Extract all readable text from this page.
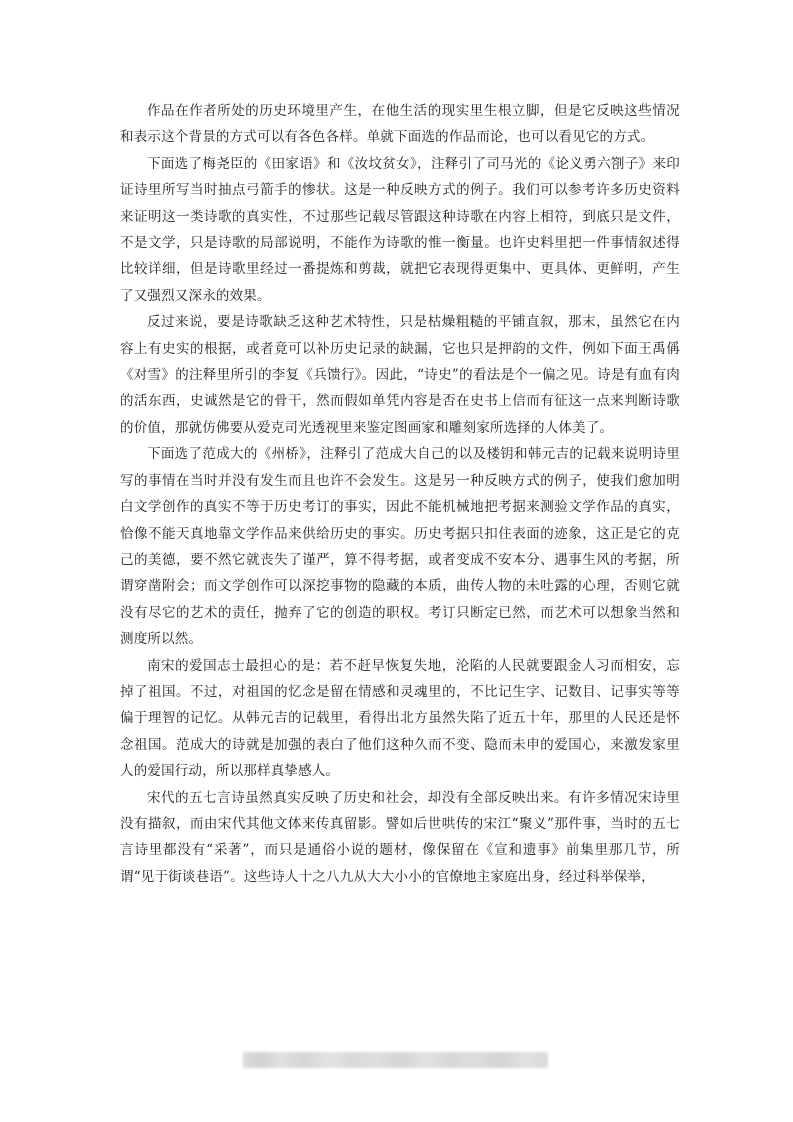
作品在作者所处的历史环境里产生，在他生活的现实里生根立脚，但是它反映这些情况和表示这个背景的方式可以有各色各样。单就下面选的作品而论，也可以看见它的方式。

下面选了梅尧臣的《田家语》和《汝坟贫女》，注释引了司马光的《论义勇六劄子》来印证诗里所写当时抽点弓箭手的惨状。这是一种反映方式的例子。我们可以参考许多历史资料来证明这一类诗歌的真实性，不过那些记载尽管跟这种诗歌在内容上相符，到底只是文件，不是文学，只是诗歌的局部说明，不能作为诗歌的惟一衡量。也许史料里把一件事情叙述得比较详细，但是诗歌里经过一番提炼和剪裁，就把它表现得更集中、更具体、更鲜明，产生了又强烈又深永的效果。

反过来说，要是诗歌缺乏这种艺术特性，只是枯燥粗糙的平铺直叙，那末，虽然它在内容上有史实的根据，或者竟可以补历史记录的缺漏，它也只是押韵的文件，例如下面王禹偁《对雪》的注释里所引的李复《兵馈行》。因此，“诗史”的看法是个一偏之见。诗是有血有肉的活东西，史诚然是它的骨干，然而假如单凭内容是否在史书上信而有征这一点来判断诗歌的价值，那就仿佛要从爱克司光透视里来鉴定图画家和雕刻家所选择的人体美了。

下面选了范成大的《州桥》，注释引了范成大自己的以及楼钥和韩元吉的记载来说明诗里写的事情在当时并没有发生而且也许不会发生。这是另一种反映方式的例子，使我们愈加明白文学创作的真实不等于历史考订的事实，因此不能机械地把考据来测验文学作品的真实，恰像不能天真地靠文学作品来供给历史的事实。历史考据只扣住表面的迹象，这正是它的克己的美德，要不然它就丧失了谨严，算不得考据，或者变成不安本分、遇事生风的考据，所谓穿凿附会；而文学创作可以深挖事物的隐藏的本质，曲传人物的未吐露的心理，否则它就没有尽它的艺术的责任，抛弃了它的创造的职权。考订只断定已然，而艺术可以想象当然和测度所以然。

南宋的爱国志士最担心的是：若不赶早恢复失地，沦陷的人民就要跟金人习而相安，忘掉了祖国。不过，对祖国的忆念是留在情感和灵魂里的，不比记生字、记数目、记事实等等偏于理智的记忆。从韩元吉的记载里，看得出北方虽然失陷了近五十年，那里的人民还是怀念祖国。范成大的诗就是加强的表白了他们这种久而不变、隐而未申的爱国心，来激发家里人的爱国行动，所以那样真挚感人。

宋代的五七言诗虽然真实反映了历史和社会，却没有全部反映出来。有许多情况宋诗里没有描叙，而由宋代其他文体来传真留影。譬如后世哄传的宋江“聚义”那件事，当时的五七言诗里都没有“采著”，而只是通俗小说的题材，像保留在《宣和遗事》前集里那几节，所谓“见于街谈巷语”。这些诗人十之八九从大大小小的官僚地主家庭出身，经过科举保举，
